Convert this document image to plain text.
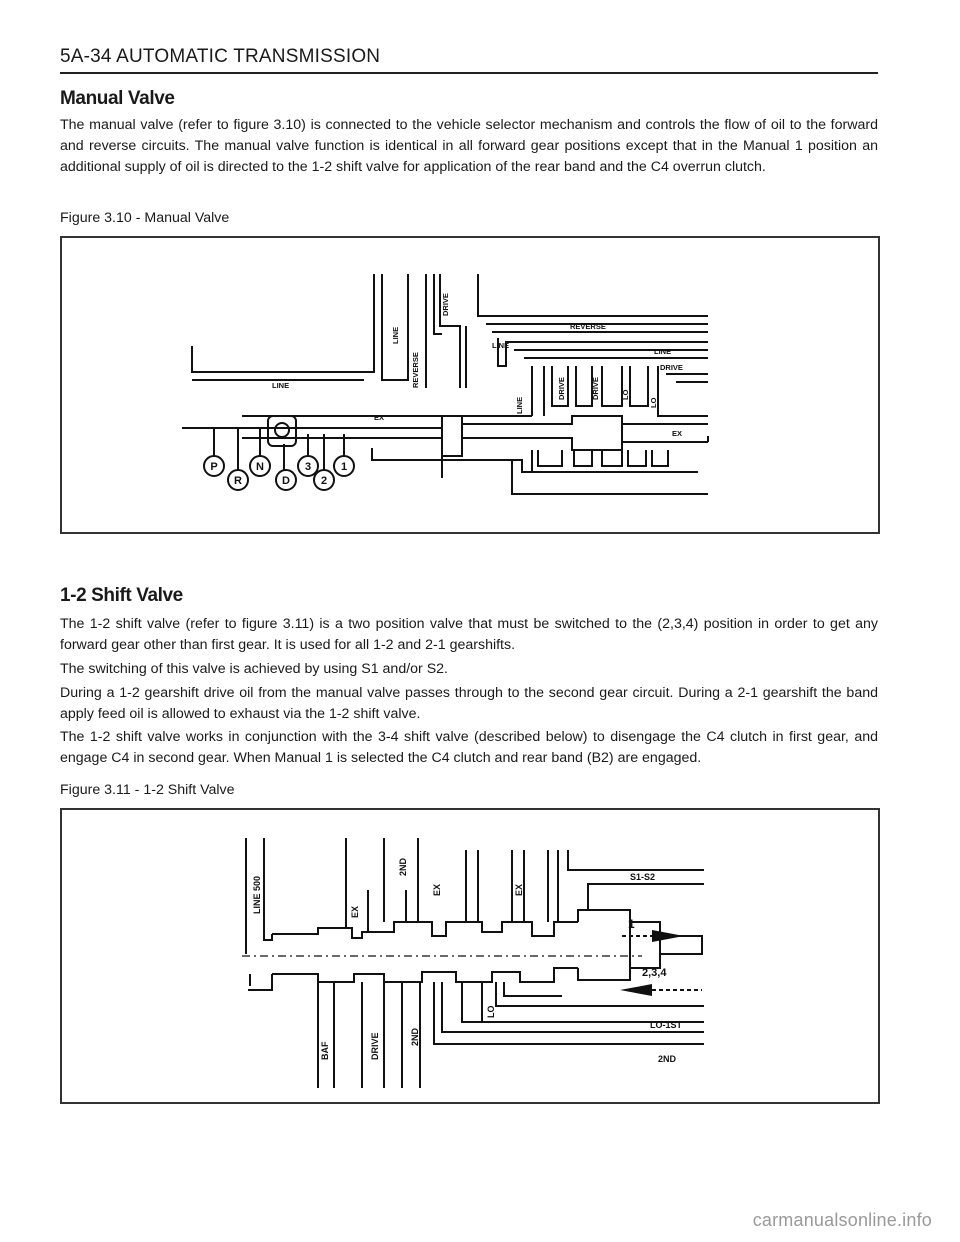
5A-34 AUTOMATIC TRANSMISSION
Manual Valve
The manual valve (refer to figure 3.10) is connected to the vehicle selector mechanism and controls the flow of oil to the forward and reverse circuits. The manual valve function is identical in all forward gear positions except that in the Manual 1 position an additional supply of oil is directed to the 1-2 shift valve for application of the rear band and the C4 overrun clutch.
Figure 3.10 - Manual Valve
P
R
N
D
3
2
1
LINE
LINE
DRIVE
REVERSE
REVERSE
LINE
LINE
DRIVE
EX
LINE
DRIVE	DRIVE	LO
LO
EX
1-2 Shift Valve
The 1-2 shift valve (refer to figure 3.11) is a two position valve that must be switched to the (2,3,4) position in order to get any forward gear other than first gear. It is used for all 1-2 and 2-1 gearshifts.
The switching of this valve is achieved by using S1 and/or S2.
During a 1-2 gearshift drive oil from the manual valve passes through to the second gear circuit. During a 2-1 gearshift the band apply feed oil is allowed to exhaust via the 1-2 shift valve.
The 1-2 shift valve works in conjunction with the 3-4 shift valve (described below) to disengage the C4 clutch in first gear, and engage C4 in second gear. When Manual 1 is selected the C4 clutch and rear band (B2) are engaged.
Figure 3.11 - 1-2 Shift Valve
LINE 500	EX
2ND
EX	EX
S1-S2
1
2,3,4
LO
LO-1ST
2ND
BAF	DRIVE	2ND
carmanualsonline.info
